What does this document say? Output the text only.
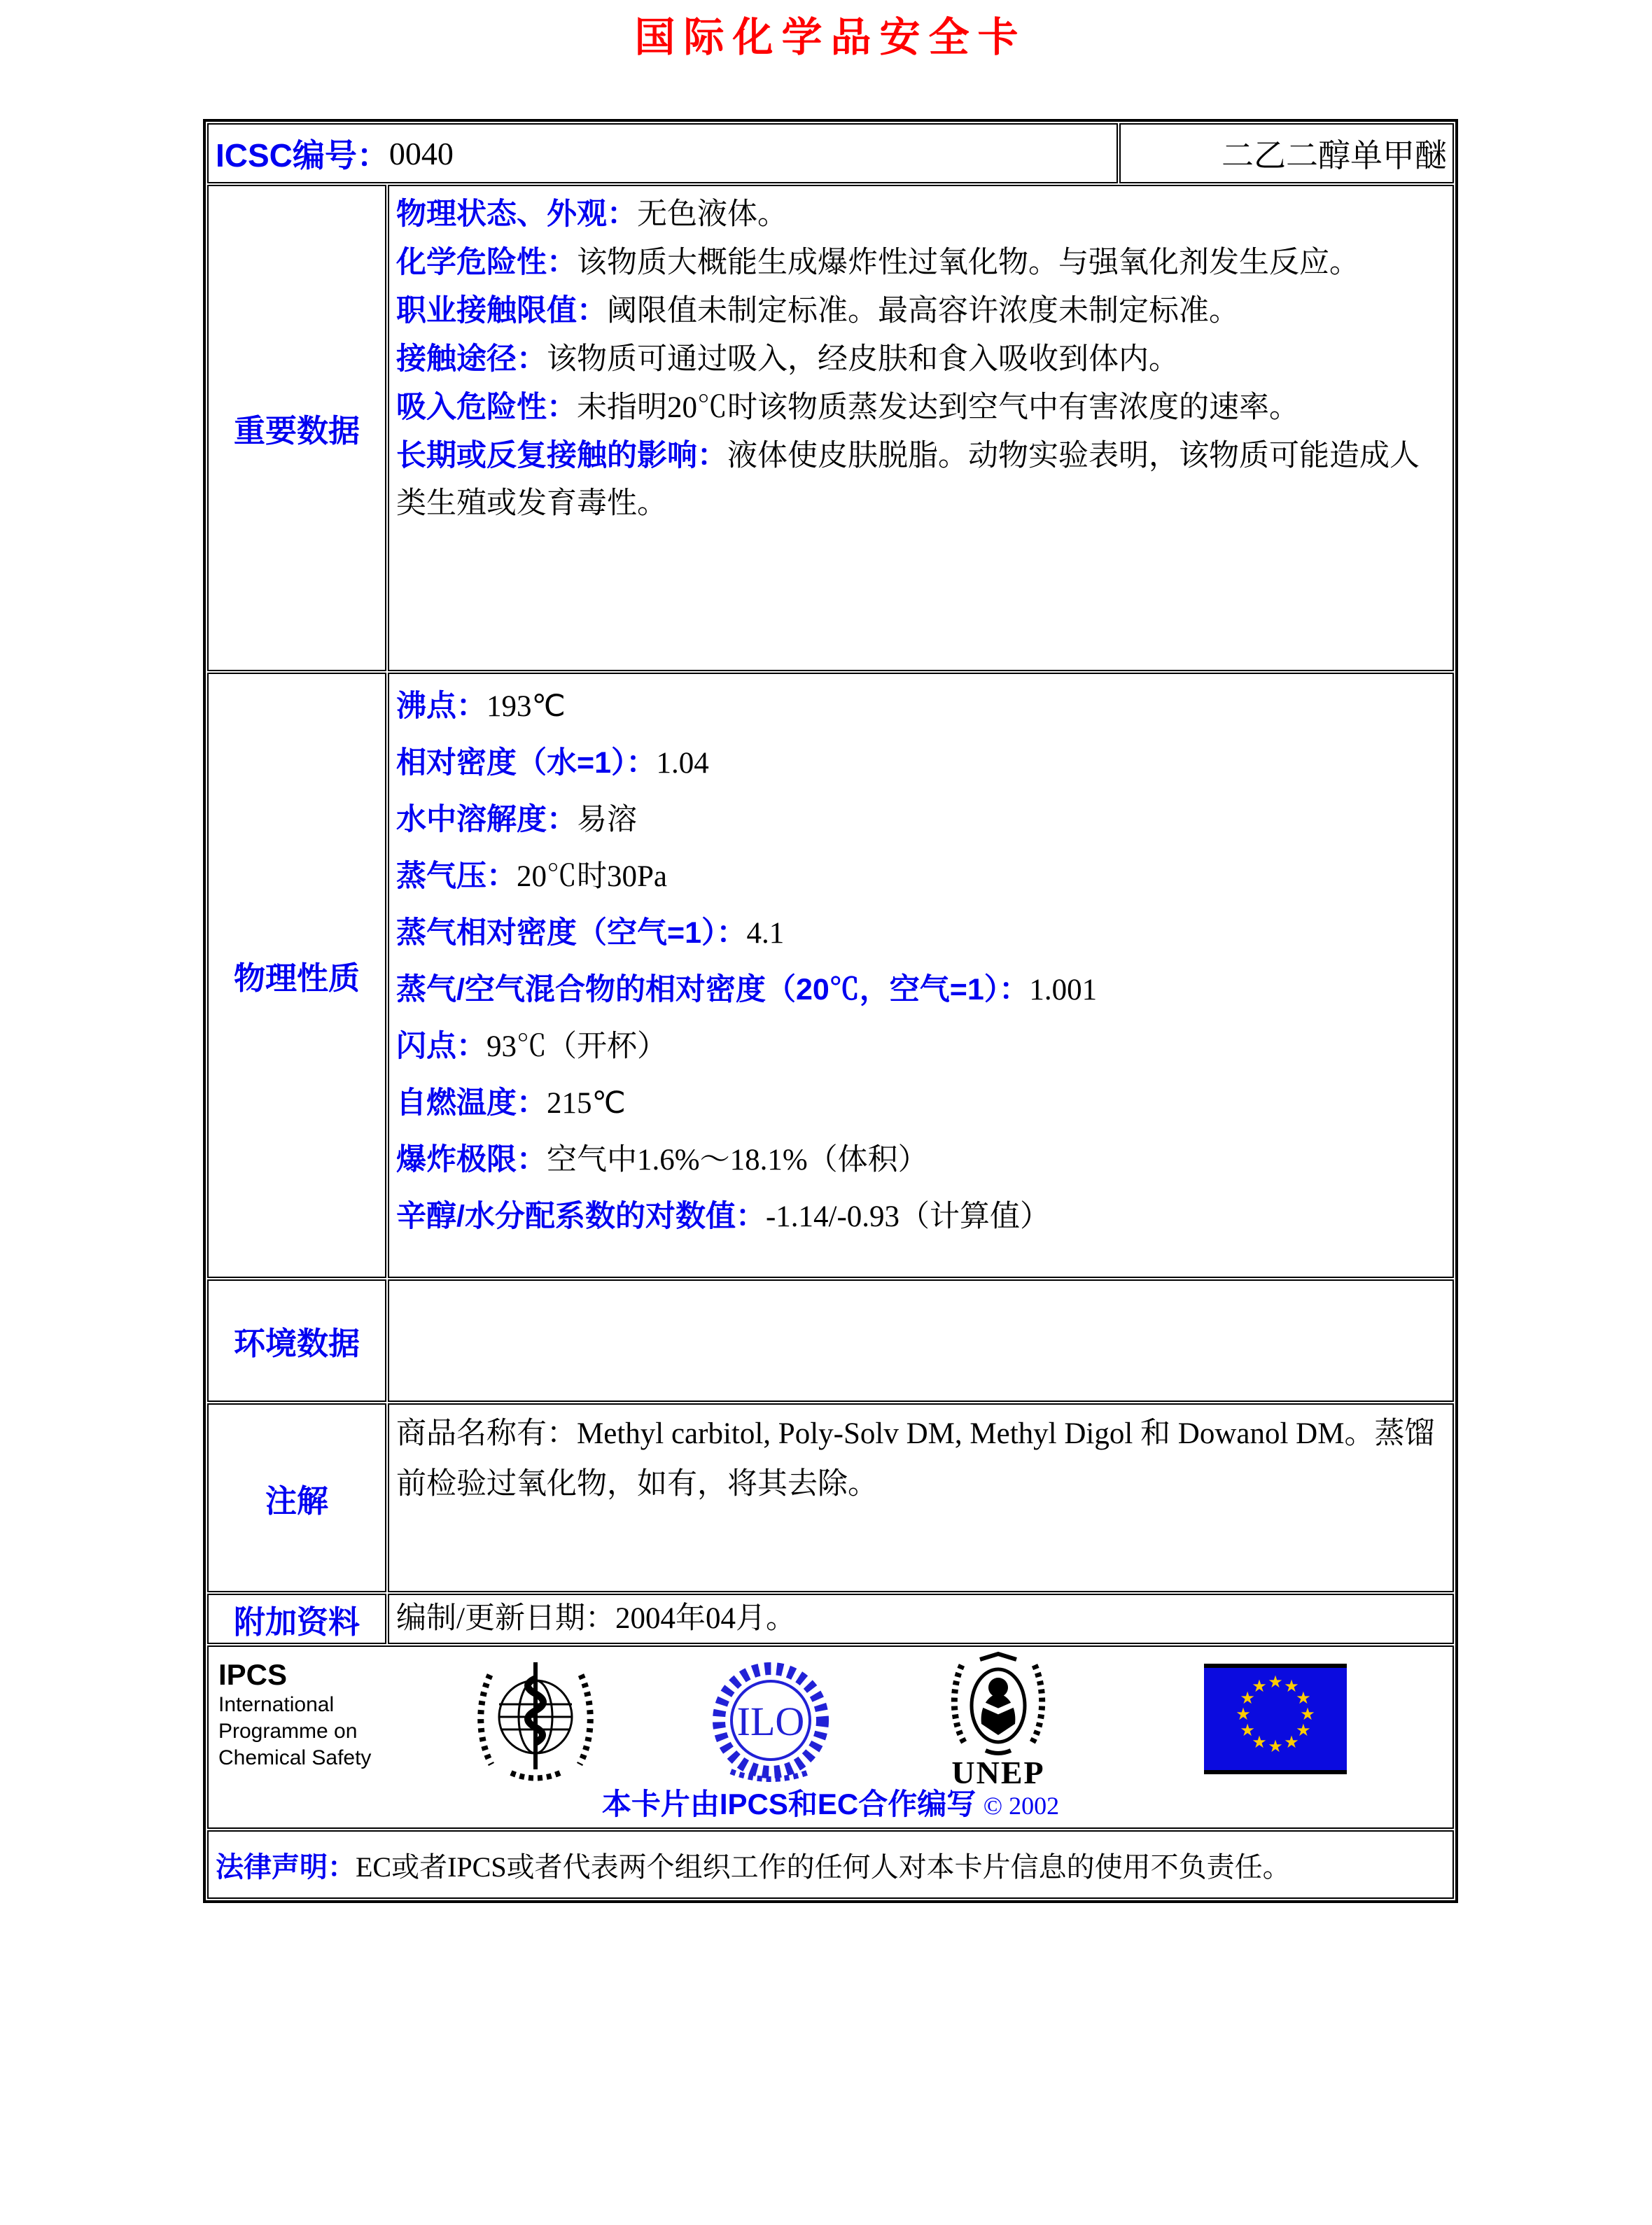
国际化学品安全卡
ICSC编号： 0040	二乙二醇单甲醚
重要数据
物理状态、外观：无色液体。
化学危险性：该物质大概能生成爆炸性过氧化物。与强氧化剂发生反应。
职业接触限值：阈限值未制定标准。最高容许浓度未制定标准。
接触途径：该物质可通过吸入，经皮肤和食入吸收到体内。
吸入危险性：未指明20℃时该物质蒸发达到空气中有害浓度的速率。
长期或反复接触的影响：液体使皮肤脱脂。动物实验表明，该物质可能造成人类生殖或发育毒性。
物理性质
沸点：193℃
相对密度（水=1）：1.04
水中溶解度：易溶
蒸气压：20℃时30Pa
蒸气相对密度（空气=1）：4.1
蒸气/空气混合物的相对密度（20℃，空气=1）：1.001
闪点：93℃（开杯）
自燃温度：215℃
爆炸极限：空气中1.6%～18.1%（体积）
辛醇/水分配系数的对数值：-1.14/-0.93（计算值）
环境数据
注解
商品名称有：Methyl carbitol, Poly-Solv DM, Methyl Digol 和 Dowanol DM。蒸馏前检验过氧化物，如有，将其去除。
附加资料	编制/更新日期：2004年04月。
IPCS
International
Programme on
Chemical Safety
ILO
UNEP
★ ★
★
★
★
★
★
★
★
★
★
★
本卡片由IPCS和EC合作编写 © 2002
法律声明： EC或者IPCS或者代表两个组织工作的任何人对本卡片信息的使用不负责任。
